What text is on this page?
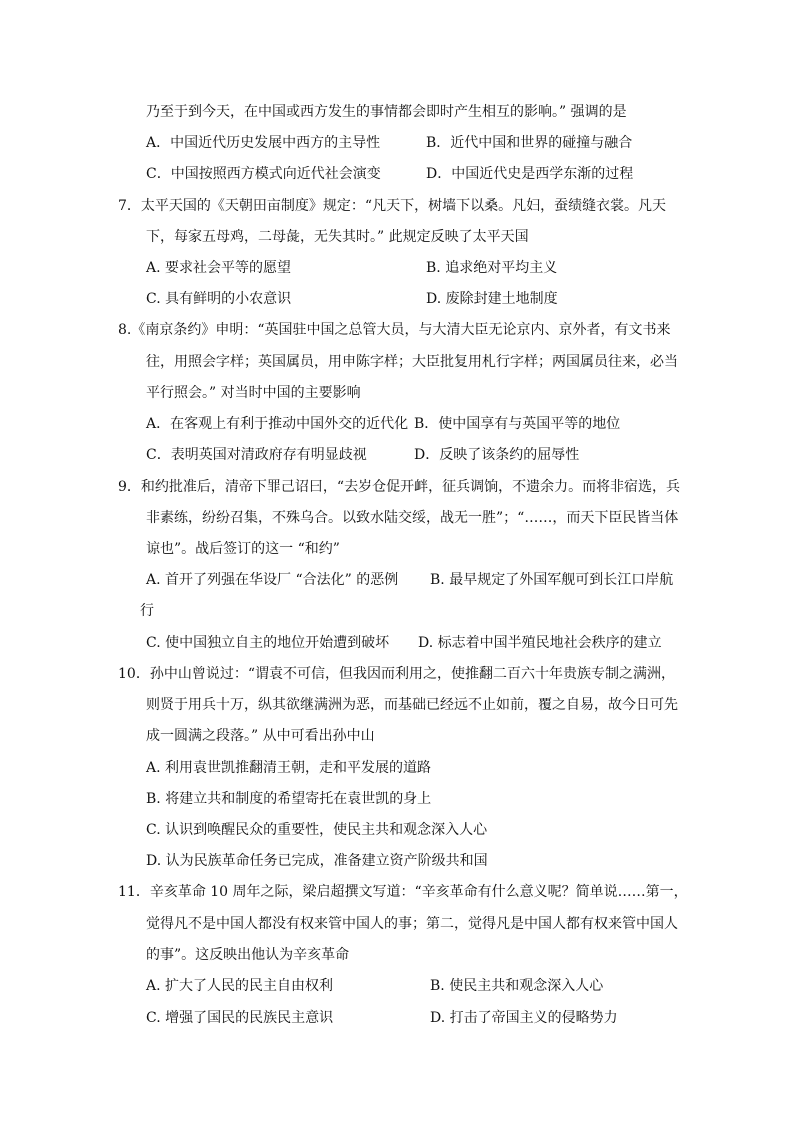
乃至于到今天，在中国或西方发生的事情都会即时产生相互的影响。” 强调的是
A．中国近代历史发展中西方的主导性	B．近代中国和世界的碰撞与融合
C．中国按照西方模式向近代社会演变	D．中国近代史是西学东渐的过程
7．太平天国的《天朝田亩制度》规定：“凡天下，树墙下以桑。凡妇，蚕绩缝衣裳。凡天
下，每家五母鸡，二母彘，无失其时。” 此规定反映了太平天国
A. 要求社会平等的愿望	B. 追求绝对平均主义
C. 具有鲜明的小农意识	D. 废除封建土地制度
8.《南京条约》申明：“英国驻中国之总管大员，与大清大臣无论京内、京外者，有文书来
往，用照会字样；英国属员，用申陈字样；大臣批复用札行字样；两国属员往来，必当
平行照会。” 对当时中国的主要影响
A．在客观上有利于推动中国外交的近代化 B．使中国享有与英国平等的地位
C．表明英国对清政府存有明显歧视	D．反映了该条约的屈辱性
9．和约批准后，清帝下罪己诏曰，“去岁仓促开衅，征兵调饷，不遗余力。而将非宿选，兵
非素练，纷纷召集，不殊乌合。以致水陆交绥，战无一胜”；“……，而天下臣民皆当体
谅也”。战后签订的这一 “和约”
A. 首开了列强在华设厂 “合法化” 的恶例 B. 最早规定了外国军舰可到长江口岸航
行
C. 使中国独立自主的地位开始遭到破坏 D. 标志着中国半殖民地社会秩序的建立
10．孙中山曾说过：“谓袁不可信，但我因而利用之，使推翻二百六十年贵族专制之满洲，
则贤于用兵十万，纵其欲继满洲为恶，而基础已经远不止如前，覆之自易，故今日可先
成一圆满之段落。” 从中可看出孙中山
A. 利用袁世凯推翻清王朝，走和平发展的道路
B. 将建立共和制度的希望寄托在袁世凯的身上
C. 认识到唤醒民众的重要性，使民主共和观念深入人心
D. 认为民族革命任务已完成，准备建立资产阶级共和国
11．辛亥革命 10 周年之际，梁启超撰文写道：“辛亥革命有什么意义呢？简单说……第一，
觉得凡不是中国人都没有权来管中国人的事；第二，觉得凡是中国人都有权来管中国人
的事”。这反映出他认为辛亥革命
A. 扩大了人民的民主自由权利	B. 使民主共和观念深入人心
C. 增强了国民的民族民主意识	D. 打击了帝国主义的侵略势力
